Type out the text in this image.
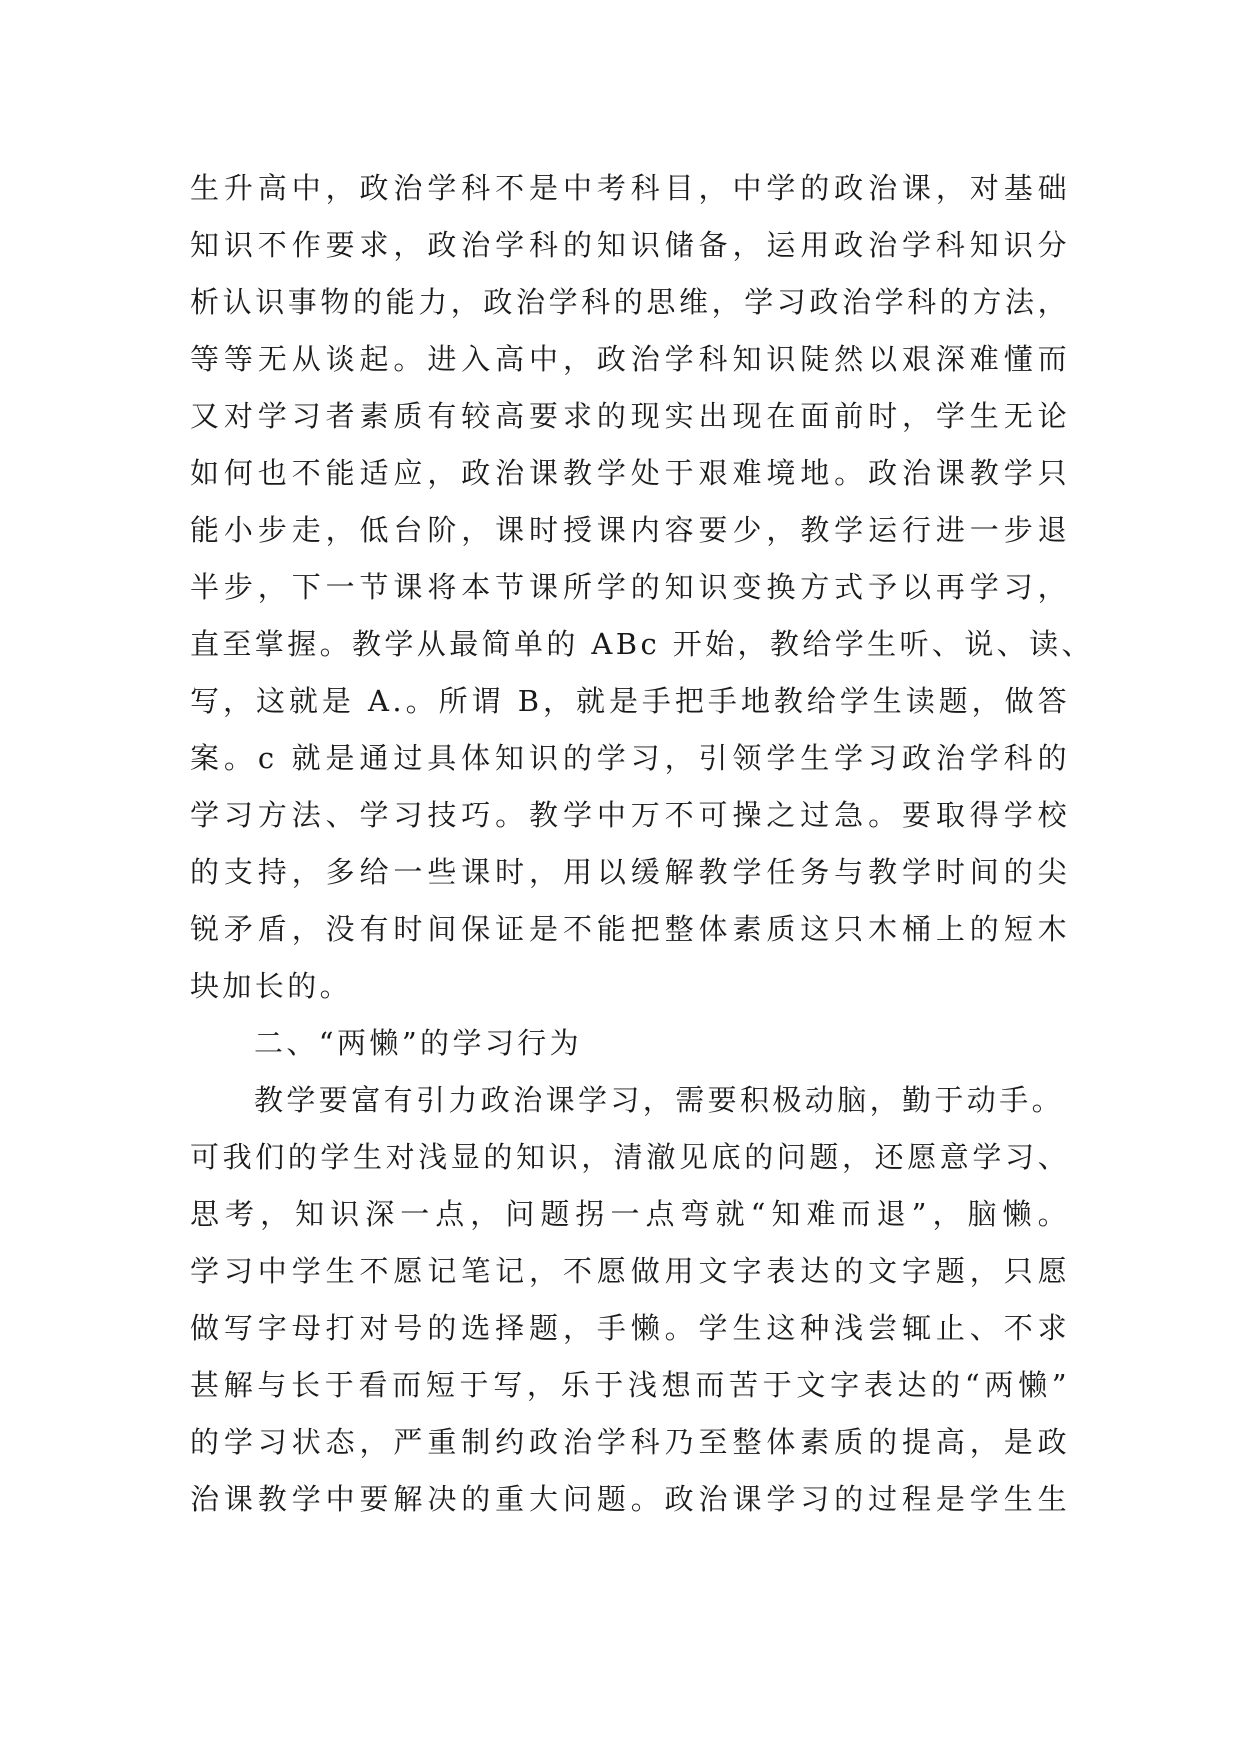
生升高中，政治学科不是中考科目，中学的政治课，对基础
知识不作要求，政治学科的知识储备，运用政治学科知识分
析认识事物的能力，政治学科的思维，学习政治学科的方法，
等等无从谈起。进入高中，政治学科知识陡然以艰深难懂而
又对学习者素质有较高要求的现实出现在面前时，学生无论
如何也不能适应，政治课教学处于艰难境地。政治课教学只
能小步走，低台阶，课时授课内容要少，教学运行进一步退
半步，下一节课将本节课所学的知识变换方式予以再学习，
直至掌握。教学从最简单的 ABc 开始，教给学生听、说、读、
写，这就是 A.。所谓 B，就是手把手地教给学生读题，做答
案。c 就是通过具体知识的学习，引领学生学习政治学科的
学习方法、学习技巧。教学中万不可操之过急。要取得学校
的支持，多给一些课时，用以缓解教学任务与教学时间的尖
锐矛盾，没有时间保证是不能把整体素质这只木桶上的短木
块加长的。
二、“两懒”的学习行为
教学要富有引力政治课学习，需要积极动脑，勤于动手。
可我们的学生对浅显的知识，清澈见底的问题，还愿意学习、
思考，知识深一点，问题拐一点弯就“知难而退”，脑懒。
学习中学生不愿记笔记，不愿做用文字表达的文字题，只愿
做写字母打对号的选择题，手懒。学生这种浅尝辄止、不求
甚解与长于看而短于写，乐于浅想而苦于文字表达的“两懒”
的学习状态，严重制约政治学科乃至整体素质的提高，是政
治课教学中要解决的重大问题。政治课学习的过程是学生生
